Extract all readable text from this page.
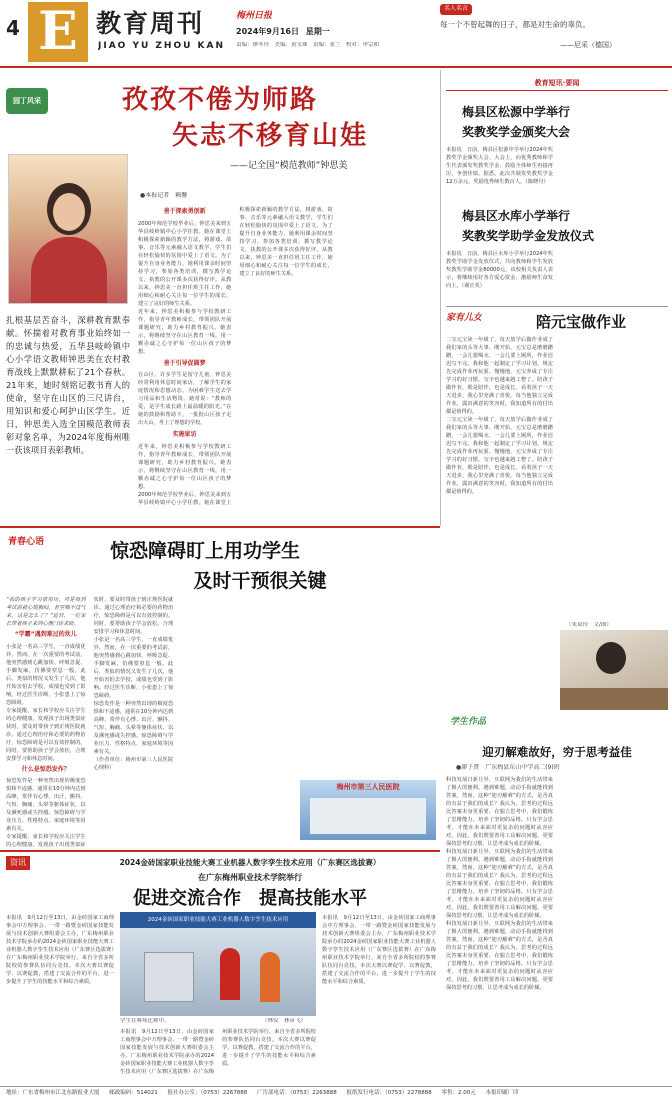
4 E 教育周刊
JIAO YU ZHOU KAN
梅州日报
2024年9月16日 星期一
责编：廖冬玲　美编：黄宝珠　责编：张兰　校对：申宗和
名人名言
每一个不曾起舞的日子，都是对生命的辜负。
——尼采（德国）
园丁风采	孜孜不倦为师路
矢志不移育山娃
——记全国“模范教师”钟思美
●本报记者　赖馨
扎根基层苦奋斗，深耕教育默奉献。怀揣着对教育事业始终如一的忠诚与热爱，五华县岐岭镇中心小学语文教师钟思美在农村教育战线上默默耕耘了21个春秋。21年来，她时刻铭记教书育人的使命，坚守在山区的三尺讲台，用知识和爱心呵护山区学生。近日，钟思美入选全国模范教师表彰对象名单，为2024年度梅州唯一获该项目表彰教师。
善于探索勇创新

2000年师范学校毕业后，钟思美来到五华县岐岭镇中心小学任教。她在课堂上积极探索新颖的教学方法，将游戏、故事、音乐等元素融入语文教学，学生们在轻松愉快的氛围中爱上了语文。为了提升自身业务能力，她利用课余时间坚持学习，参加各类培训，撰写教学论文，执教的公开课多次获得好评。从教以来，钟思美一直担任班主任工作，她用细心和耐心关注每一位学生的成长，建立了良好的师生关系。

近年来，钟思美积极参与学校教研工作，指导青年教师成长，带领团队开展课题研究，助力乡村教育振兴。她表示，将继续坚守在山区教育一线，用一颗赤诚之心守护每一位山区孩子的梦想。

善于引导促圆梦

在山区，许多学生是留守儿童。钟思美经常利用休息时间家访，了解学生的家庭情况和思想动态，为困难学生送去学习用品和生活物资。她常说：“教师的爱，是学生成长路上最温暖的阳光。”在她的鼓励和帮助下，一批批山区孩子走出大山，考上了理想的学校。

实施家访

近年来，钟思美积极参与学校教研工作，指导青年教师成长，带领团队开展课题研究，助力乡村教育振兴。她表示，将继续坚守在山区教育一线，用一颗赤诚之心守护每一位山区孩子的梦想。

2000年师范学校毕业后，钟思美来到五华县岐岭镇中心小学任教。她在课堂上积极探索新颖的教学方法，将游戏、故事、音乐等元素融入语文教学，学生们在轻松愉快的氛围中爱上了语文。为了提升自身业务能力，她利用课余时间坚持学习，参加各类培训，撰写教学论文，执教的公开课多次获得好评。从教以来，钟思美一直担任班主任工作，她用细心和耐心关注每一位学生的成长，建立了良好的师生关系。

教育短讯·要闻
梅县区松源中学举行
奖教奖学金颁奖大会

本报讯　日前，梅县区松源中学举行2024年奖教奖学金颁奖大会。大会上，向优秀教师和学生代表颁发奖教奖学金，鼓励全体师生再接再厉，争创佳绩。据悉，此次共颁发奖教奖学金12万余元，奖励优秀师生数百人。（陈晓丹）

梅县区水库小学举行
奖教奖学助学金发放仪式

本报讯　日前，梅县区水库小学举行2024年奖教奖学助学金发放仪式，共向教师和学生发放奖教奖学助学金80000元。该校相关负责人表示，将继续用好各方爱心资金，激励师生奋发向上。（谢正英）

家有儿女	陪元宝做作业

二宝元宝读一年级了，每天放学后做作业成了我们家的头等大事。刚开始，元宝总是磨磨蹭蹭，一会儿要喝水，一会儿要上厕所，作业迟迟写不完。我和他一起制定了学习计划，规定先完成作业再玩耍。慢慢地，元宝养成了专注学习的好习惯，写字也越来越工整了。陪孩子做作业，既是陪伴，也是成长。看着孩子一天天进步，我心里充满了喜悦。每当他独立完成作业，露出满意的笑容时，我知道所有的付出都是值得的。

二宝元宝读一年级了，每天放学后做作业成了我们家的头等大事。刚开始，元宝总是磨磨蹭蹭，一会儿要喝水，一会儿要上厕所，作业迟迟写不完。我和他一起制定了学习计划，规定先完成作业再玩耍。慢慢地，元宝养成了专注学习的好习惯，写字也越来越工整了。陪孩子做作业，既是陪伴，也是成长。看着孩子一天天进步，我心里充满了喜悦。每当他独立完成作业，露出满意的笑容时，我知道所有的付出都是值得的。

（朱双玲　文/图）
青春心语	惊恐障碍盯上用功学生
及时干预很关键

“我的孩子学习很用功，可是每到考试前就心慌胸闷，甚至喘不过气来，这是怎么了？”近日，一位家长带着孩子来到心理门诊求助。

“学霸”遇到难过的坎儿

小张是一名高三学生，一直成绩优异。然而，在一次重要的考试前，他突然感到心跳加快、呼吸急促、手脚发麻，仿佛要窒息一般。此后，类似的情况又发生了几次，他开始害怕去学校，成绩也受到了影响。经过医生诊断，小张患上了惊恐障碍。

专家提醒，家长和学校应关注学生的心理健康，发现孩子出现类似症状时，要及时带孩子到正规医院就诊。通过心理治疗和必要的药物治疗，惊恐障碍是可以有效控制的。同时，要帮助孩子学会放松，合理安排学习和休息时间。

什么是惊恐发作？

惊恐发作是一种突然出现的极度恐惧和不适感，通常在10分钟内达到高峰，常伴有心悸、出汗、颤抖、气短、胸痛、头晕等躯体症状，以及濒死感或失控感。惊恐障碍与学业压力、性格特点、家庭环境等因素有关。

专家提醒，家长和学校应关注学生的心理健康，发现孩子出现类似症状时，要及时带孩子到正规医院就诊。通过心理治疗和必要的药物治疗，惊恐障碍是可以有效控制的。同时，要帮助孩子学会放松，合理安排学习和休息时间。

小张是一名高三学生，一直成绩优异。然而，在一次重要的考试前，他突然感到心跳加快、呼吸急促、手脚发麻，仿佛要窒息一般。此后，类似的情况又发生了几次，他开始害怕去学校，成绩也受到了影响。经过医生诊断，小张患上了惊恐障碍。

惊恐发作是一种突然出现的极度恐惧和不适感，通常在10分钟内达到高峰，常伴有心悸、出汗、颤抖、气短、胸痛、头晕等躯体症状，以及濒死感或失控感。惊恐障碍与学业压力、性格特点、家庭环境等因素有关。

（作者单位：梅州市第三人民医院心理科）

梅州市第三人民医院
资讯	2024金砖国家职业技能大赛工业机器人数字孪生技术应用（广东赛区选拔赛）
在广东梅州职业技术学院举行
促进交流合作　提高技能水平

本报讯　9月12日至13日，由金砖国家工商理事会中方理事会、一带一路暨金砖国家技能发展与技术创新大赛组委会主办，广东梅州职业技术学院承办的2024金砖国家职业技能大赛工业机器人数字孪生技术应用（广东赛区选拔赛）在广东梅州职业技术学院举行。来自全省多所院校的参赛队伍同台竞技。本次大赛以赛促学、以赛促教，搭建了交流合作的平台，进一步提升了学生的技能水平和综合素质。

2024金砖国家职业技能大赛工业机器人数字孪生技术应用
学生在赛场比赛中。	（林仪　林彦飞）

本报讯　9月12日至13日，由金砖国家工商理事会中方理事会、一带一路暨金砖国家技能发展与技术创新大赛组委会主办，广东梅州职业技术学院承办的2024金砖国家职业技能大赛工业机器人数字孪生技术应用（广东赛区选拔赛）在广东梅州职业技术学院举行。来自全省多所院校的参赛队伍同台竞技。本次大赛以赛促学、以赛促教，搭建了交流合作的平台，进一步提升了学生的技能水平和综合素质。

本报讯　9月12日至13日，由金砖国家工商理事会中方理事会、一带一路暨金砖国家技能发展与技术创新大赛组委会主办，广东梅州职业技术学院承办的2024金砖国家职业技能大赛工业机器人数字孪生技术应用（广东赛区选拔赛）在广东梅州职业技术学院举行。来自全省多所院校的参赛队伍同台竞技。本次大赛以赛促学、以赛促教，搭建了交流合作的平台，进一步提升了学生的技能水平和综合素质。

学生作品
迎刃解难故好，穷于思考益佳
●廖子贤　广东梅县东山中学高二(9)班

科技发展日新月异，互联网为我们的生活带来了极大的便利。遇到难题，动动手指就能找到答案。然而，这种“迎刃解难”的方式，是否真的有益于我们的成长？我认为，思考的过程远比答案本身更重要。在独立思考中，我们锻炼了思维能力，培养了坚韧的品格。只有学会思考，才能在未来面对更复杂的问题时从容应对。因此，我们既要善用工具解决问题，更要保持思考的习惯，让思考成为成长的阶梯。

科技发展日新月异，互联网为我们的生活带来了极大的便利。遇到难题，动动手指就能找到答案。然而，这种“迎刃解难”的方式，是否真的有益于我们的成长？我认为，思考的过程远比答案本身更重要。在独立思考中，我们锻炼了思维能力，培养了坚韧的品格。只有学会思考，才能在未来面对更复杂的问题时从容应对。因此，我们既要善用工具解决问题，更要保持思考的习惯，让思考成为成长的阶梯。

科技发展日新月异，互联网为我们的生活带来了极大的便利。遇到难题，动动手指就能找到答案。然而，这种“迎刃解难”的方式，是否真的有益于我们的成长？我认为，思考的过程远比答案本身更重要。在独立思考中，我们锻炼了思维能力，培养了坚韧的品格。只有学会思考，才能在未来面对更复杂的问题时从容应对。因此，我们既要善用工具解决问题，更要保持思考的习惯，让思考成为成长的阶梯。

地址：广东省梅州市江北东路报业大厦 邮政编码：514021 报社办公室：（0753）2267888 广告部电话：（0753）2263888 报纸发行电话：（0753）2278888 零售：2.00元 本报印刷厂印
